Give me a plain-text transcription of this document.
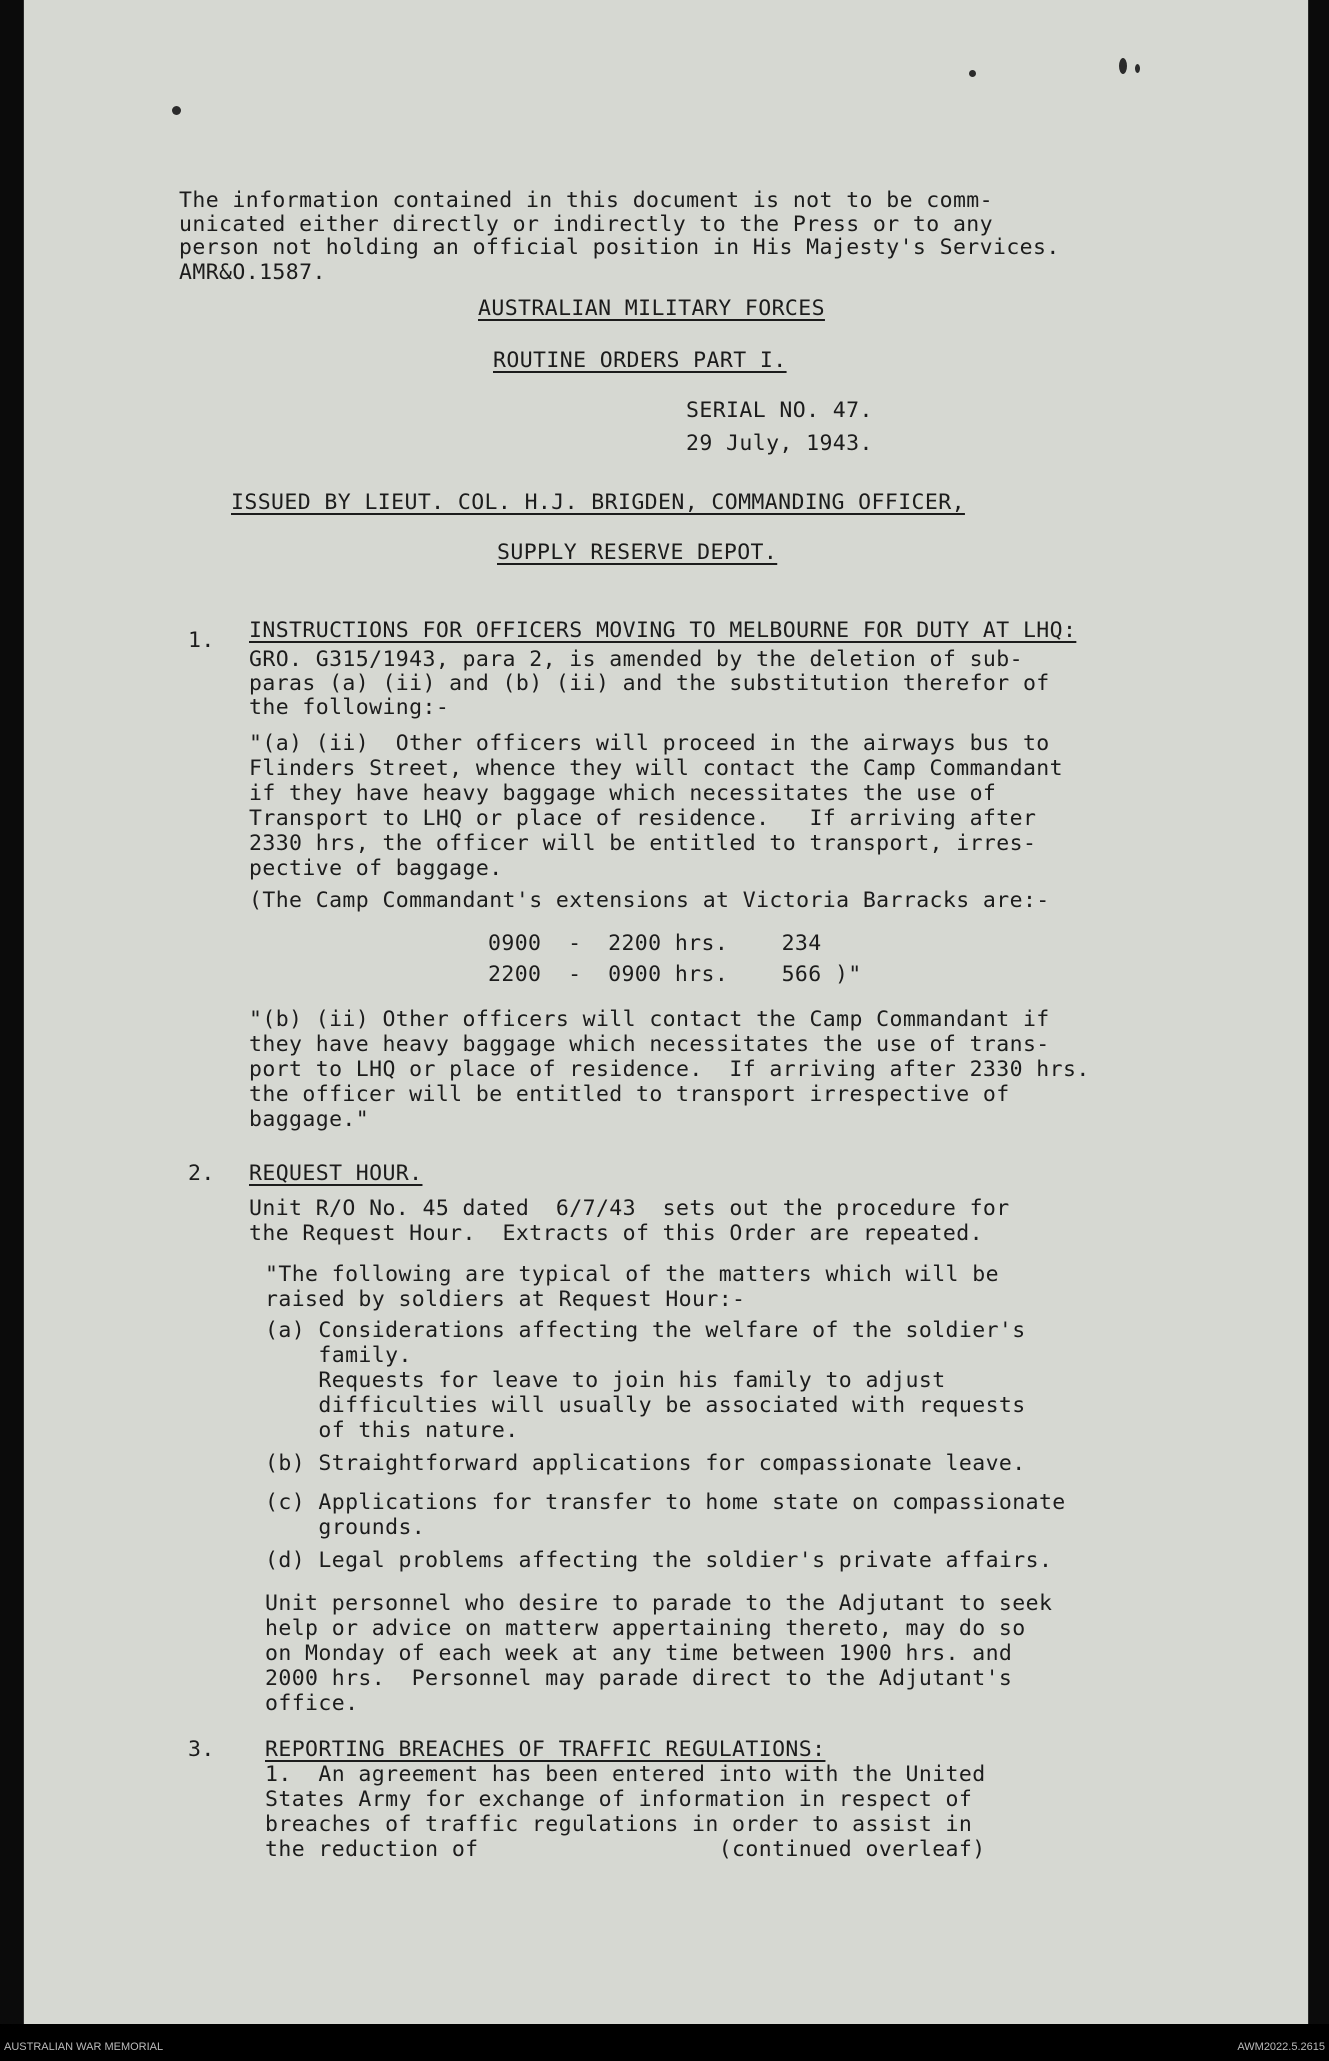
The information contained in this document is not to be comm-
unicated either directly or indirectly to the Press or to any
person not holding an official position in His Majesty's Services.
AMR&O.1587.
AUSTRALIAN MILITARY FORCES
ROUTINE ORDERS PART I.
SERIAL NO. 47.
29 July, 1943.
ISSUED BY LIEUT. COL. H.J. BRIGDEN, COMMANDING OFFICER,
SUPPLY RESERVE DEPOT.
1. INSTRUCTIONS FOR OFFICERS MOVING TO MELBOURNE FOR DUTY AT LHQ:
GRO. G315/1943, para 2, is amended by the deletion of sub-
paras (a) (ii) and (b) (ii) and the substitution therefor of
the following:-
"(a) (ii)  Other officers will proceed in the airways bus to
Flinders Street, whence they will contact the Camp Commandant
if they have heavy baggage which necessitates the use of
Transport to LHQ or place of residence.   If arriving after
2330 hrs, the officer will be entitled to transport, irres-
pective of baggage.
(The Camp Commandant's extensions at Victoria Barracks are:-
0900  -  2200 hrs.    234
2200  -  0900 hrs.    566 )"
"(b) (ii) Other officers will contact the Camp Commandant if
they have heavy baggage which necessitates the use of trans-
port to LHQ or place of residence.  If arriving after 2330 hrs.
the officer will be entitled to transport irrespective of
baggage."
2. REQUEST HOUR.
Unit R/O No. 45 dated  6/7/43  sets out the procedure for
the Request Hour.  Extracts of this Order are repeated.
"The following are typical of the matters which will be
raised by soldiers at Request Hour:-
(a) Considerations affecting the welfare of the soldier's
family.
Requests for leave to join his family to adjust
difficulties will usually be associated with requests
of this nature.
(b) Straightforward applications for compassionate leave.
(c) Applications for transfer to home state on compassionate
grounds.
(d) Legal problems affecting the soldier's private affairs.
Unit personnel who desire to parade to the Adjutant to seek
help or advice on matterw appertaining thereto, may do so
on Monday of each week at any time between 1900 hrs. and
2000 hrs.  Personnel may parade direct to the Adjutant's
office.
3. REPORTING BREACHES OF TRAFFIC REGULATIONS:
1.  An agreement has been entered into with the United
States Army for exchange of information in respect of
breaches of traffic regulations in order to assist in
the reduction of                  (continued overleaf)
AUSTRALIAN WAR MEMORIAL	AWM2022.5.2615
